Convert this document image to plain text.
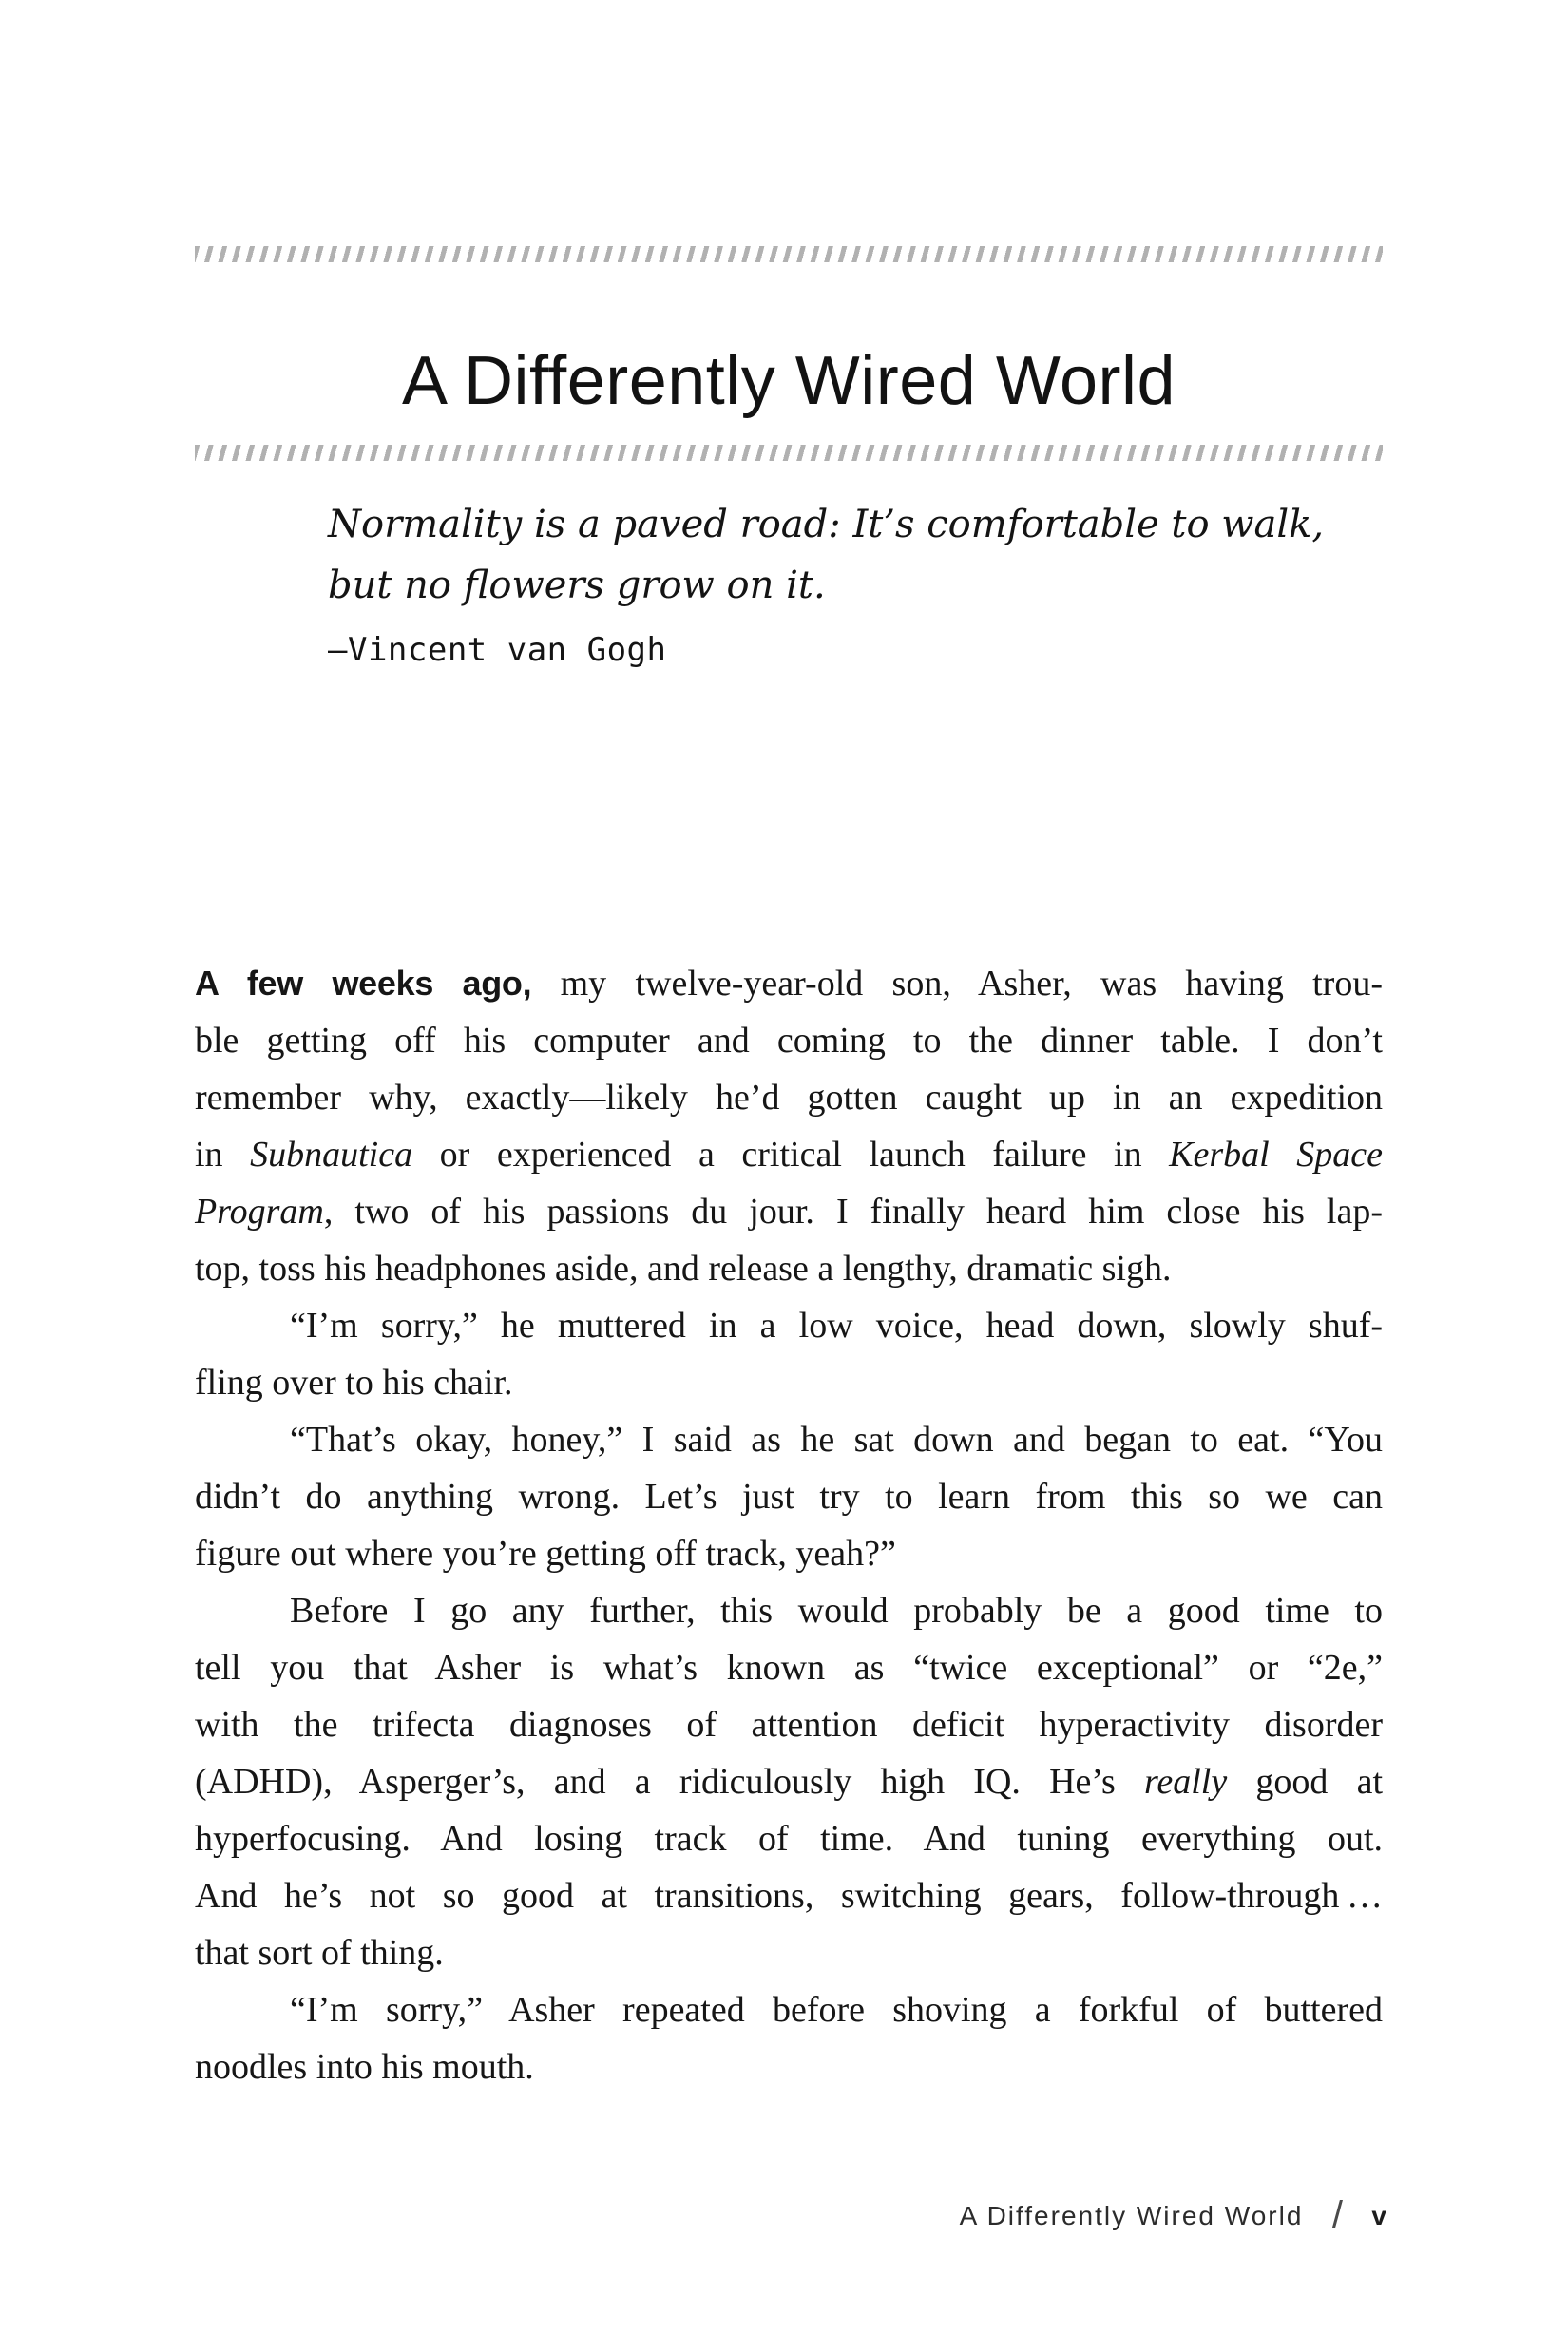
A Differently Wired World
Normality is a paved road: It’s comfortable to walk,
but no flowers grow on it.
—Vincent van Gogh
A few weeks ago, my twelve-year-old son, Asher, was having trou-
ble getting off his computer and coming to the dinner table. I don’t
remember why, exactly—likely he’d gotten caught up in an expedition
in Subnautica or experienced a critical launch failure in Kerbal Space
Program, two of his passions du jour. I finally heard him close his lap-
top, toss his headphones aside, and release a lengthy, dramatic sigh.
“I’m sorry,” he muttered in a low voice, head down, slowly shuf-
fling over to his chair.
“That’s okay, honey,” I said as he sat down and began to eat. “You
didn’t do anything wrong. Let’s just try to learn from this so we can
figure out where you’re getting off track, yeah?”
Before I go any further, this would probably be a good time to
tell you that Asher is what’s known as “twice exceptional” or “2e,”
with the trifecta diagnoses of attention deficit hyperactivity disorder
(ADHD), Asperger’s, and a ridiculously high IQ. He’s really good at
hyperfocusing. And losing track of time. And tuning everything out.
And he’s not so good at transitions, switching gears, follow-through …
that sort of thing.
“I’m sorry,” Asher repeated before shoving a forkful of buttered
noodles into his mouth.
A Differently Wired World / v
